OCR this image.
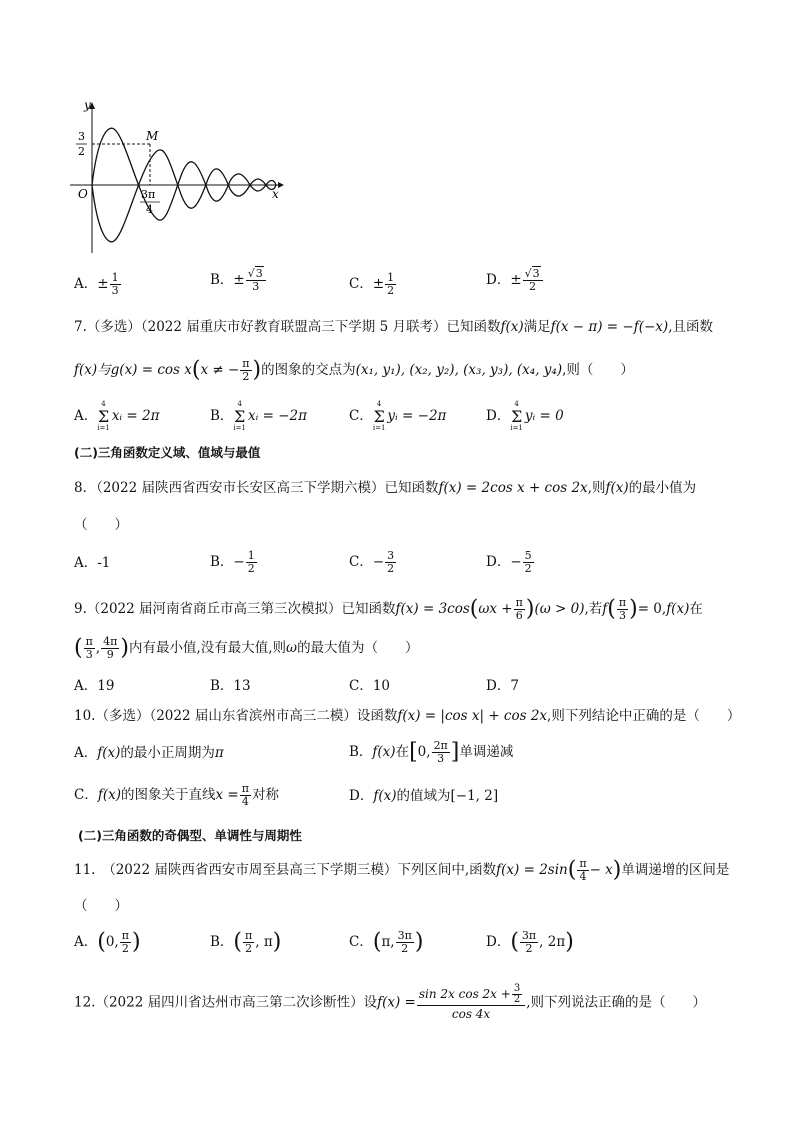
y
x
O
M
3
2
3π
4
A．± $\frac{1}{3}$	B．± $\frac{√3}{3}$	C．± $\frac{1}{2}$	D．± $\frac{√3}{2}$
7.（多选）（2022 届重庆市好教育联盟高三下学期 5 月联考）已知函数f(x)满足f(x − π) = −f(−x),且函数
f(x)与g(x) = cos x(x ≠ − $\frac{\pi}{2}$ )的图象的交点为(x₁, y₁), (x₂, y₂), (x₃, y₃), (x₄, y₄),则（　　）
A．
4
Σ
i=1
xᵢ = 2π	B．
4
Σ
i=1
xᵢ = −2π	C．
4
Σ
i=1
yᵢ = −2π	D．
4
Σ
i=1
yᵢ = 0
(二)三角函数定义域、值域与最值
8．（2022 届陕西省西安市长安区高三下学期六模）已知函数f(x) = 2cos x + cos 2x,则f(x)的最小值为
（　　）
A．-1	B．− $\frac{1}{2}$	C．− $\frac{3}{2}$	D．− $\frac{5}{2}$
9.（2022 届河南省商丘市高三第三次模拟）已知函数$f(x) = 3\cos(\omega x + \frac{\pi}{6} )(\omega > 0)$,若$f( \frac{\pi}{3}$ )= 0,f(x)在
( $\frac{\pi}{3}$ , $\frac{4\pi}{9}$ )内有最小值,没有最大值,则ω的最大值为（　　）
A．19	B．13	C．10	D．7
10.（多选）（2022 届山东省滨州市高三二模）设函数f(x) = |cos x| + cos 2x,则下列结论中正确的是（　　）
A．f(x)的最小正周期为π	B．f(x)在[0, $\frac{2\pi}{3}$ ]单调递减
C．f(x)的图象关于直线$x = \frac{\pi}{4}$ 对称	D．f(x)的值域为[−1, 2]
(二)三角函数的奇偶型、单调性与周期性
11.　（2022 届陕西省西安市周至县高三下学期三模）下列区间中,函数$f(x) = 2\sin( \frac{\pi}{4} - x)$单调递增的区间是
（　　）
A．(0, $\frac{\pi}{2}$ )	B．( $\frac{\pi}{2}$ , π)	C．(π, $\frac{3\pi}{2}$ )	D．( $\frac{3\pi}{2}$ , 2π)
12.（2022 届四川省达州市高三第二次诊断性）设$f(x) = \frac{\sin 2x \cos 2x + \frac{3}{2}}{\cos 4x}$ ,则下列说法正确的是（　　）
